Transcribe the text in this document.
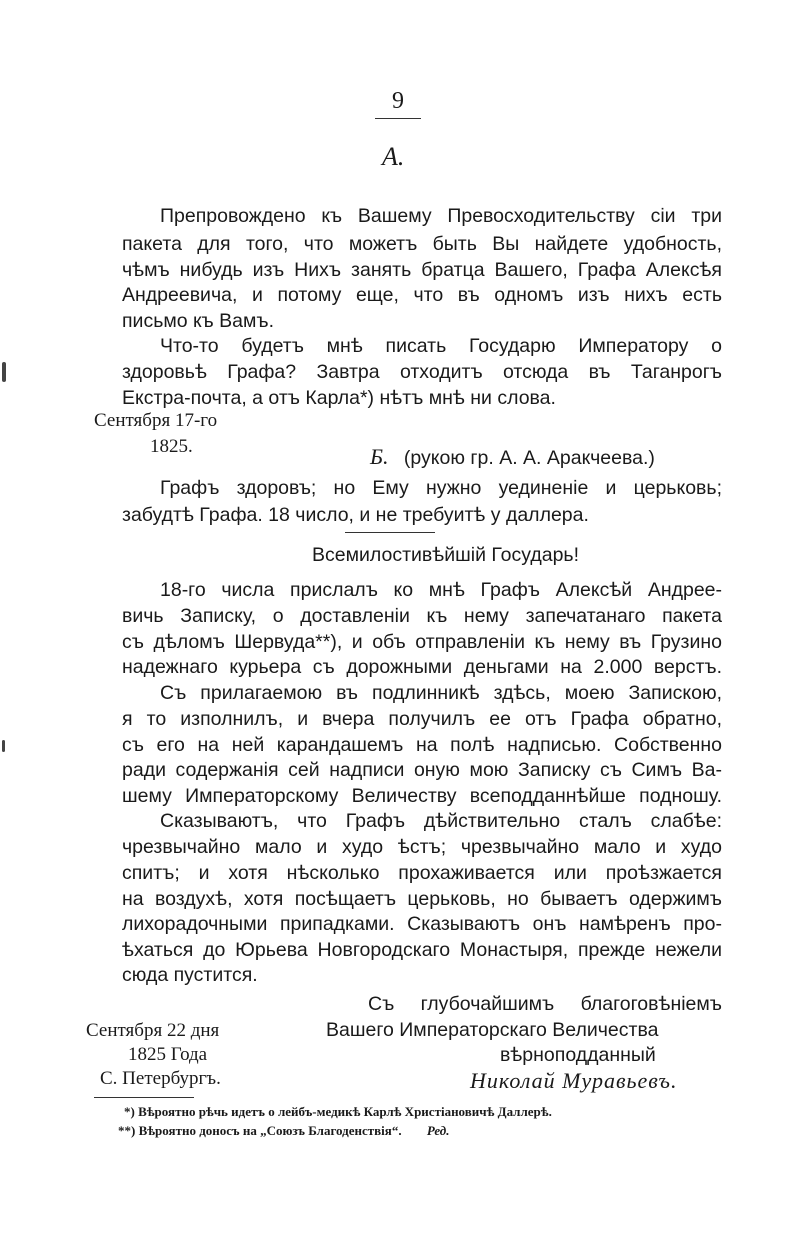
9
A.
Препровождено къ Вашему Превосходительству сіи три
пакета для того, что можетъ быть Вы найдете удобность,
чѣмъ нибудь изъ Нихъ занять братца Вашего, Графа Алексѣя
Андреевича, и потому еще, что въ одномъ изъ нихъ есть
письмо къ Вамъ.
Что-то будетъ мнѣ писать Государю Императору о
здоровьѣ Графа? Завтра отходитъ отсюда въ Таганрогъ
Екстра-почта, а отъ Карла*) нѣтъ мнѣ ни слова.
Сентября 17-го
1825.	Б. (рукою гр. А. А. Аракчеева.)
Графъ здоровъ; но Ему нужно уединеніе и церьковь;
забудтѣ Графа. 18 число, и не требуитѣ у даллера.
Всемилостивѣйшій Государь!
18-го числа прислалъ ко мнѣ Графъ Алексѣй Андрее-
вичь Записку, о доставленіи къ нему запечатанаго пакета
съ дѣломъ Шервуда**), и объ отправленіи къ нему въ Грузино
надежнаго курьера съ дорожными деньгами на 2.000 верстъ.
Съ прилагаемою въ подлинникѣ здѣсь, моею Запискою,
я то изполнилъ, и вчера получилъ ее отъ Графа обратно,
съ его на ней карандашемъ на полѣ надписью. Собственно
ради содержанія сей надписи оную мою Записку съ Симъ Ва-
шему Императорскому Величеству всеподданнѣйше подношу.
Сказываютъ, что Графъ дѣйствительно сталъ слабѣе:
чрезвычайно мало и худо ѣстъ; чрезвычайно мало и худо
спитъ; и хотя нѣсколько прохаживается или проѣзжается
на воздухѣ, хотя посѣщаетъ церьковь, но бываетъ одержимъ
лихорадочными припадками. Сказываютъ онъ намѣренъ про-
ѣхаться до Юрьева Новгородскаго Монастыря, прежде нежели
сюда пустится.
Съ глубочайшимъ благоговѣніемъ
Вашего Императорскаго Величества
вѣрноподданный
Николай Муравьевъ.
Сентября 22 дня
1825 Года
С. Петербургъ.
*) Вѣроятно рѣчь идетъ о лейбъ-медикѣ Карлѣ Христіановичѣ Даллерѣ.
**) Вѣроятно доносъ на „Союзъ Благоденствія“. Ред.
